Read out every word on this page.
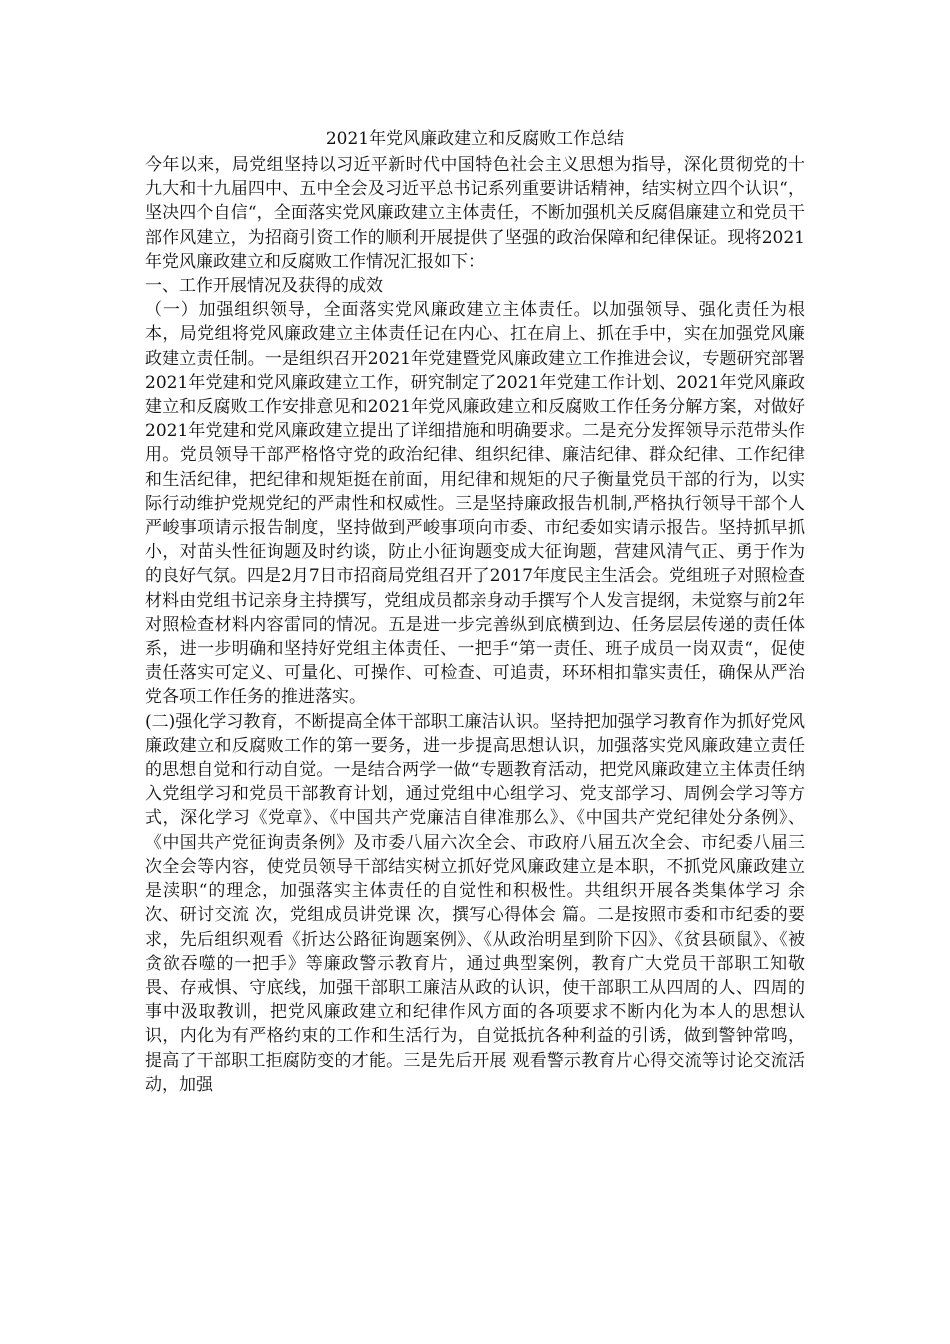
2021年党风廉政建立和反腐败工作总结

今年以来，局党组坚持以习近平新时代中国特色社会主义思想为指导，深化贯彻党的十九大和十九届四中、五中全会及习近平总书记系列重要讲话精神，结实树立四个认识“，坚决四个自信“，全面落实党风廉政建立主体责任，不断加强机关反腐倡廉建立和党员干部作风建立，为招商引资工作的顺利开展提供了坚强的政治保障和纪律保证。现将2021年党风廉政建立和反腐败工作情况汇报如下：

一、工作开展情况及获得的成效

（一）加强组织领导，全面落实党风廉政建立主体责任。以加强领导、强化责任为根本，局党组将党风廉政建立主体责任记在内心、扛在肩上、抓在手中，实在加强党风廉政建立责任制。一是组织召开2021年党建暨党风廉政建立工作推进会议，专题研究部署2021年党建和党风廉政建立工作，研究制定了2021年党建工作计划、2021年党风廉政建立和反腐败工作安排意见和2021年党风廉政建立和反腐败工作任务分解方案，对做好2021年党建和党风廉政建立提出了详细措施和明确要求。二是充分发挥领导示范带头作用。党员领导干部严格恪守党的政治纪律、组织纪律、廉洁纪律、群众纪律、工作纪律和生活纪律，把纪律和规矩挺在前面，用纪律和规矩的尺子衡量党员干部的行为，以实际行动维护党规党纪的严肃性和权威性。三是坚持廉政报告机制,严格执行领导干部个人严峻事项请示报告制度，坚持做到严峻事项向市委、市纪委如实请示报告。坚持抓早抓小，对苗头性征询题及时约谈，防止小征询题变成大征询题，营建风清气正、勇于作为的良好气氛。四是2月7日市招商局党组召开了2017年度民主生活会。党组班子对照检查材料由党组书记亲身主持撰写，党组成员都亲身动手撰写个人发言提纲，未觉察与前2年对照检查材料内容雷同的情况。五是进一步完善纵到底横到边、任务层层传递的责任体系，进一步明确和坚持好党组主体责任、一把手“第一责任、班子成员一岗双责“，促使责任落实可定义、可量化、可操作、可检查、可追责，环环相扣靠实责任，确保从严治党各项工作任务的推进落实。

(二)强化学习教育，不断提高全体干部职工廉洁认识。坚持把加强学习教育作为抓好党风廉政建立和反腐败工作的第一要务，进一步提高思想认识，加强落实党风廉政建立责任的思想自觉和行动自觉。一是结合两学一做“专题教育活动，把党风廉政建立主体责任纳入党组学习和党员干部教育计划，通过党组中心组学习、党支部学习、周例会学习等方式，深化学习《党章》、《中国共产党廉洁自律准那么》、《中国共产党纪律处分条例》、《中国共产党征询责条例》及市委八届六次全会、市政府八届五次全会、市纪委八届三次全会等内容，使党员领导干部结实树立抓好党风廉政建立是本职，不抓党风廉政建立是渎职“的理念，加强落实主体责任的自觉性和积极性。共组织开展各类集体学习 余次、研讨交流 次，党组成员讲党课 次，撰写心得体会 篇。二是按照市委和市纪委的要求，先后组织观看《折达公路征询题案例》、《从政治明星到阶下囚》、《贫县硕鼠》、《被贪欲吞噬的一把手》等廉政警示教育片，通过典型案例，教育广大党员干部职工知敬畏、存戒惧、守底线，加强干部职工廉洁从政的认识，使干部职工从四周的人、四周的事中汲取教训，把党风廉政建立和纪律作风方面的各项要求不断内化为本人的思想认识，内化为有严格约束的工作和生活行为，自觉抵抗各种利益的引诱，做到警钟常鸣，提高了干部职工拒腐防变的才能。三是先后开展 观看警示教育片心得交流等讨论交流活动，加强
